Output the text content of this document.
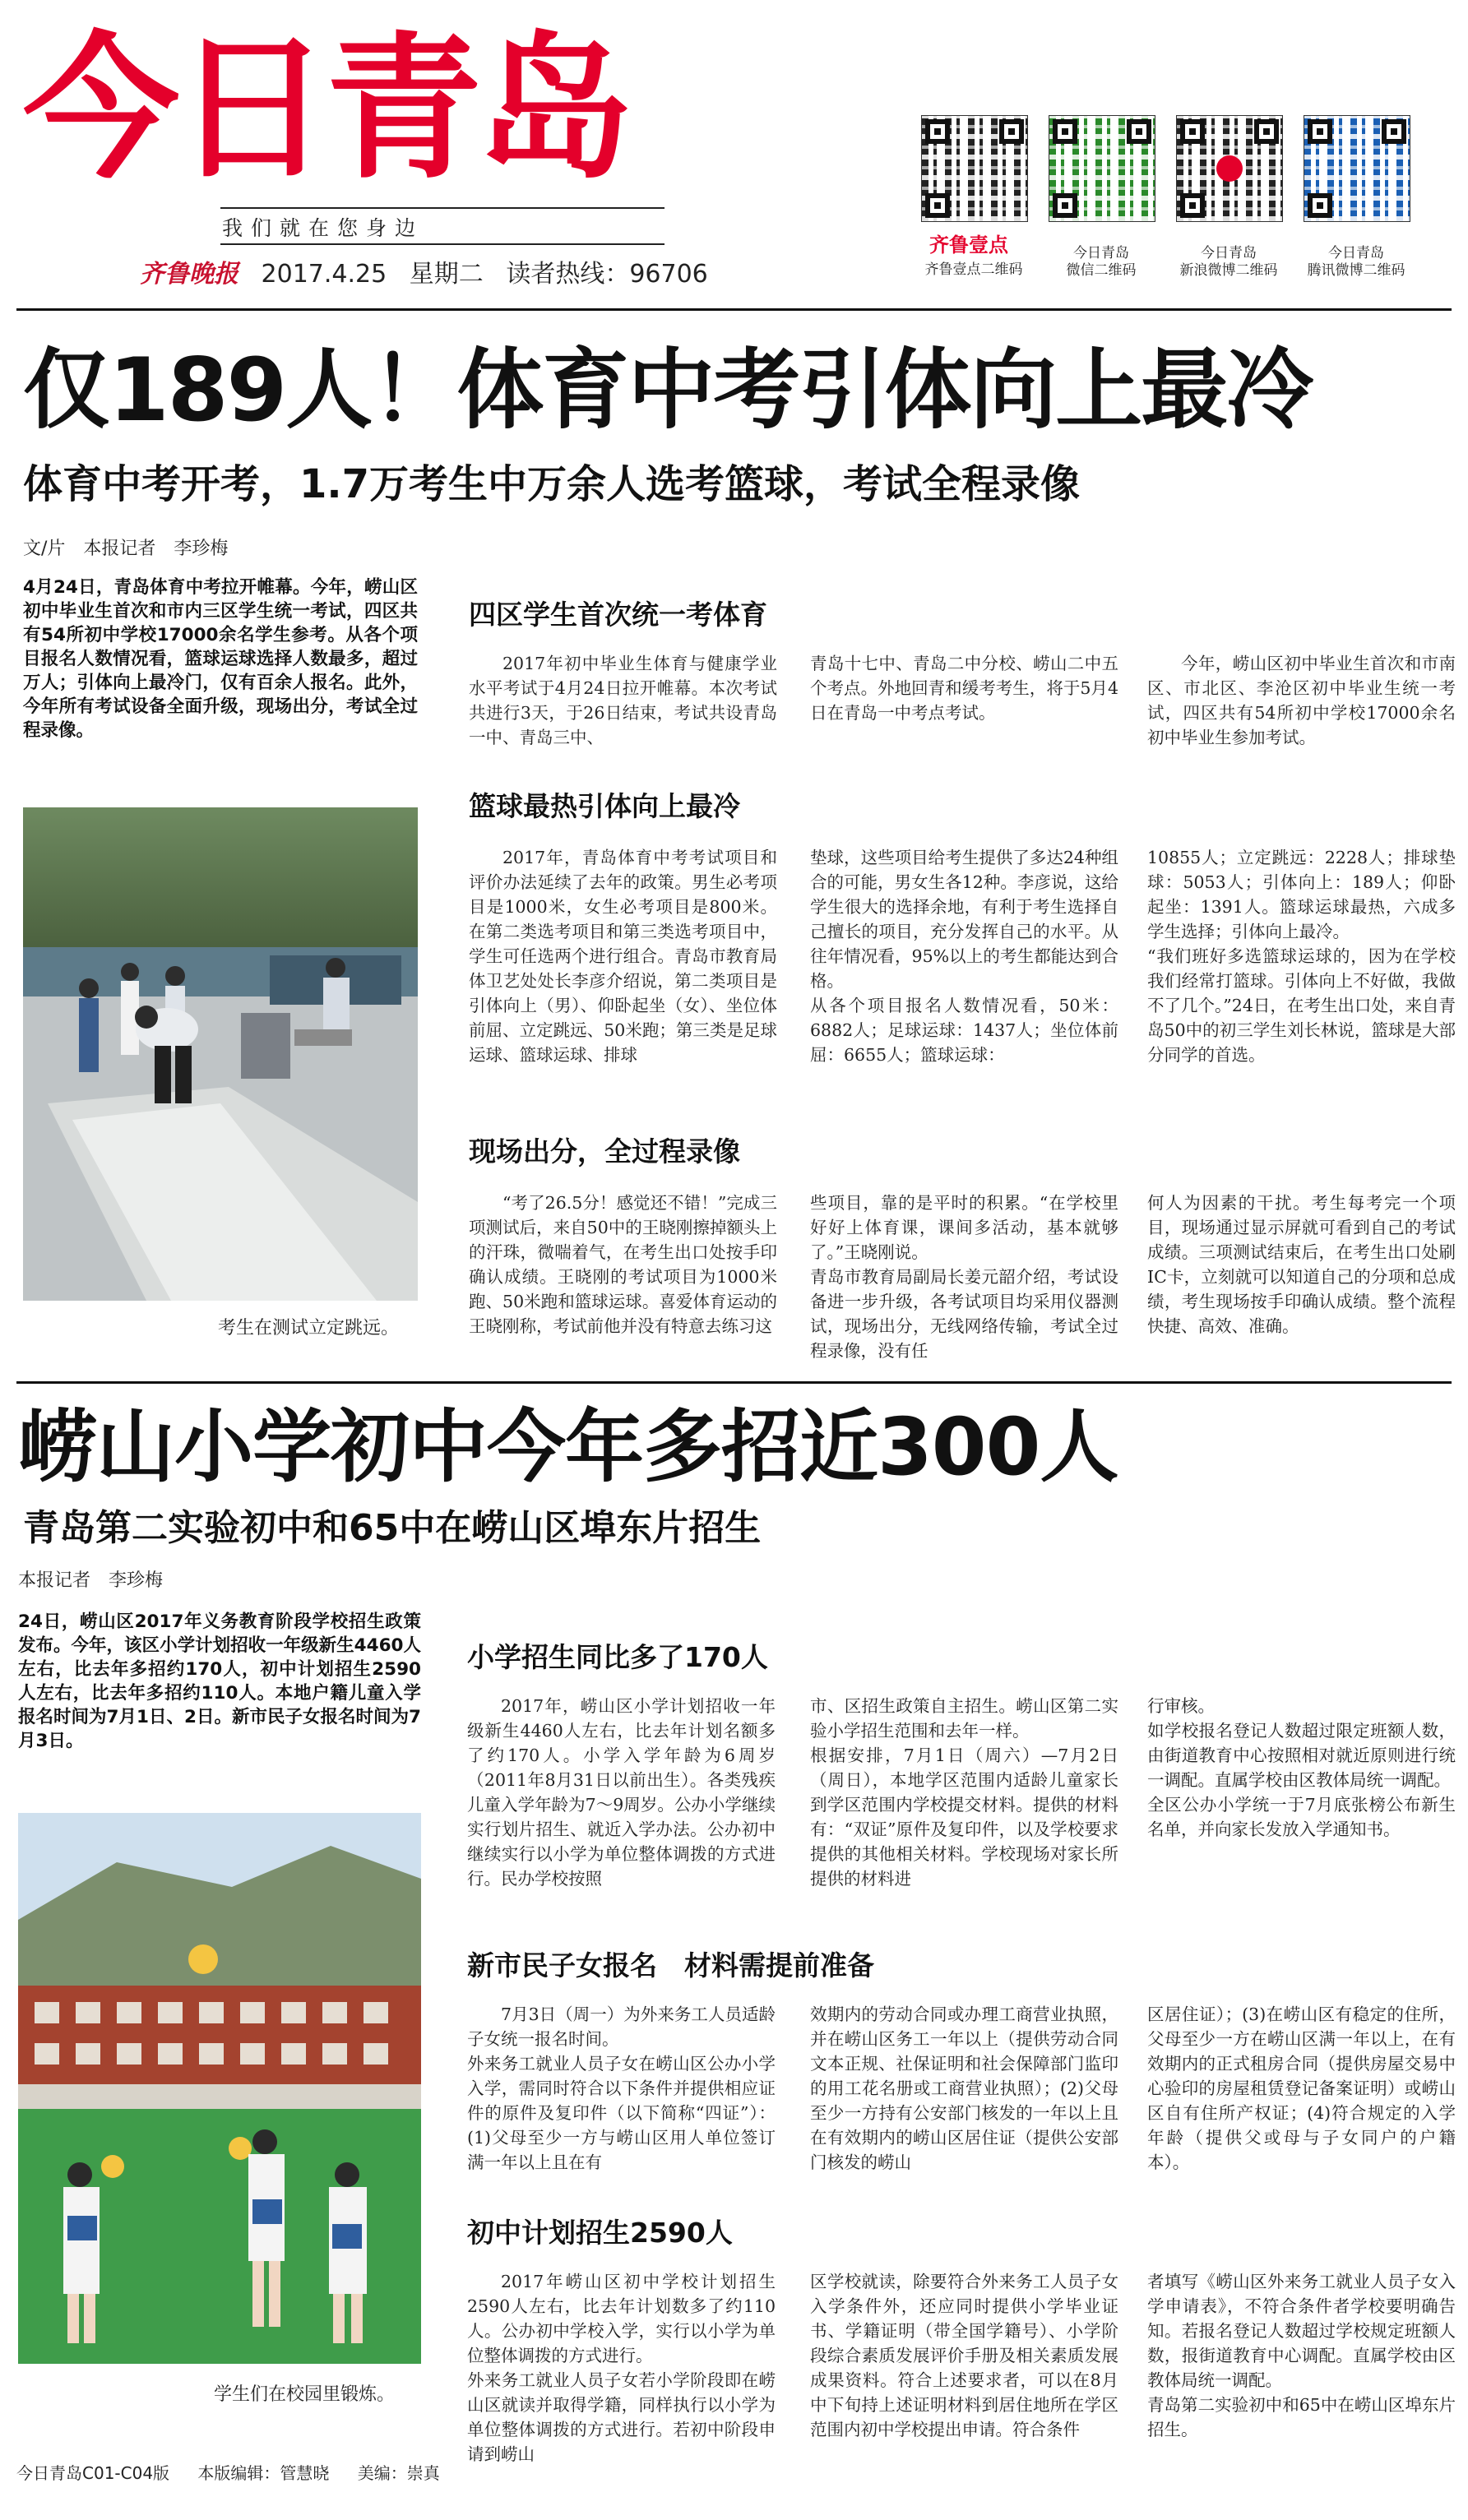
今日青岛
我们就在您身边
齐鲁晚报 2017.4.25 星期二 读者热线：96706
齐鲁壹点
齐鲁壹点二维码
今日青岛
微信二维码
今日青岛
新浪微博二维码
今日青岛
腾讯微博二维码
仅189人！体育中考引体向上最冷
体育中考开考，1.7万考生中万余人选考篮球，考试全程录像
文/片　本报记者　李珍梅
4月24日，青岛体育中考拉开帷幕。今年，崂山区初中毕业生首次和市内三区学生统一考试，四区共有54所初中学校17000余名学生参考。从各个项目报名人数情况看，篮球运球选择人数最多，超过万人；引体向上最冷门，仅有百余人报名。此外，今年所有考试设备全面升级，现场出分，考试全过程录像。
考生在测试立定跳远。
四区学生首次统一考体育

2017年初中毕业生体育与健康学业水平考试于4月24日拉开帷幕。本次考试共进行3天，于26日结束，考试共设青岛一中、青岛三中、

青岛十七中、青岛二中分校、崂山二中五个考点。外地回青和缓考考生，将于5月4日在青岛一中考点考试。

今年，崂山区初中毕业生首次和市南区、市北区、李沧区初中毕业生统一考试，四区共有54所初中学校17000余名初中毕业生参加考试。

篮球最热引体向上最冷

2017年，青岛体育中考考试项目和评价办法延续了去年的政策。男生必考项目是1000米，女生必考项目是800米。在第二类选考项目和第三类选考项目中，学生可任选两个进行组合。青岛市教育局体卫艺处处长李彦介绍说，第二类项目是引体向上（男）、仰卧起坐（女）、坐位体前屈、立定跳远、50米跑；第三类是足球运球、篮球运球、排球

垫球，这些项目给考生提供了多达24种组合的可能，男女生各12种。李彦说，这给学生很大的选择余地，有利于考生选择自己擅长的项目，充分发挥自己的水平。从往年情况看，95%以上的考生都能达到合格。
从各个项目报名人数情况看，50米：6882人；足球运球：1437人；坐位体前屈：6655人；篮球运球：

10855人；立定跳远：2228人；排球垫球：5053人；引体向上：189人；仰卧起坐：1391人。篮球运球最热，六成多学生选择；引体向上最冷。
“我们班好多选篮球运球的，因为在学校我们经常打篮球。引体向上不好做，我做不了几个。”24日，在考生出口处，来自青岛50中的初三学生刘长林说，篮球是大部分同学的首选。

现场出分，全过程录像

“考了26.5分！感觉还不错！”完成三项测试后，来自50中的王晓刚擦掉额头上的汗珠，微喘着气，在考生出口处按手印确认成绩。王晓刚的考试项目为1000米跑、50米跑和篮球运球。喜爱体育运动的王晓刚称，考试前他并没有特意去练习这

些项目，靠的是平时的积累。“在学校里好好上体育课，课间多活动，基本就够了。”王晓刚说。
青岛市教育局副局长姜元韶介绍，考试设备进一步升级，各考试项目均采用仪器测试，现场出分，无线网络传输，考试全过程录像，没有任

何人为因素的干扰。考生每考完一个项目，现场通过显示屏就可看到自己的考试成绩。三项测试结束后，在考生出口处刷IC卡，立刻就可以知道自己的分项和总成绩，考生现场按手印确认成绩。整个流程快捷、高效、准确。

崂山小学初中今年多招近300人
青岛第二实验初中和65中在崂山区埠东片招生
本报记者　李珍梅
24日，崂山区2017年义务教育阶段学校招生政策发布。今年，该区小学计划招收一年级新生4460人左右，比去年多招约170人，初中计划招生2590人左右，比去年多招约110人。本地户籍儿童入学报名时间为7月1日、2日。新市民子女报名时间为7月3日。
学生们在校园里锻炼。
小学招生同比多了170人

2017年，崂山区小学计划招收一年级新生4460人左右，比去年计划名额多了约170人。小学入学年龄为6周岁（2011年8月31日以前出生）。各类残疾儿童入学年龄为7～9周岁。公办小学继续实行划片招生、就近入学办法。公办初中继续实行以小学为单位整体调拨的方式进行。民办学校按照

市、区招生政策自主招生。崂山区第二实验小学招生范围和去年一样。
根据安排，7月1日（周六）—7月2日（周日），本地学区范围内适龄儿童家长到学区范围内学校提交材料。提供的材料有：“双证”原件及复印件，以及学校要求提供的其他相关材料。学校现场对家长所提供的材料进

行审核。
如学校报名登记人数超过限定班额人数，由街道教育中心按照相对就近原则进行统一调配。直属学校由区教体局统一调配。
全区公办小学统一于7月底张榜公布新生名单，并向家长发放入学通知书。

新市民子女报名　材料需提前准备

7月3日（周一）为外来务工人员适龄子女统一报名时间。
外来务工就业人员子女在崂山区公办小学入学，需同时符合以下条件并提供相应证件的原件及复印件（以下简称“四证”）：(1)父母至少一方与崂山区用人单位签订满一年以上且在有

效期内的劳动合同或办理工商营业执照，并在崂山区务工一年以上（提供劳动合同文本正规、社保证明和社会保障部门监印的用工花名册或工商营业执照）；(2)父母至少一方持有公安部门核发的一年以上且在有效期内的崂山区居住证（提供公安部门核发的崂山

区居住证）；(3)在崂山区有稳定的住所，父母至少一方在崂山区满一年以上，在有效期内的正式租房合同（提供房屋交易中心验印的房屋租赁登记备案证明）或崂山区自有住所产权证；(4)符合规定的入学年龄（提供父或母与子女同户的户籍本）。

初中计划招生2590人

2017年崂山区初中学校计划招生2590人左右，比去年计划数多了约110人。公办初中学校入学，实行以小学为单位整体调拨的方式进行。
外来务工就业人员子女若小学阶段即在崂山区就读并取得学籍，同样执行以小学为单位整体调拨的方式进行。若初中阶段申请到崂山

区学校就读，除要符合外来务工人员子女入学条件外，还应同时提供小学毕业证书、学籍证明（带全国学籍号）、小学阶段综合素质发展评价手册及相关素质发展成果资料。符合上述要求者，可以在8月中下旬持上述证明材料到居住地所在学区范围内初中学校提出申请。符合条件

者填写《崂山区外来务工就业人员子女入学申请表》，不符合条件者学校要明确告知。若报名登记人数超过学校规定班额人数，报街道教育中心调配。直属学校由区教体局统一调配。
青岛第二实验初中和65中在崂山区埠东片招生。

今日青岛C01-C04版 本版编辑：管慧晓 美编：崇真
